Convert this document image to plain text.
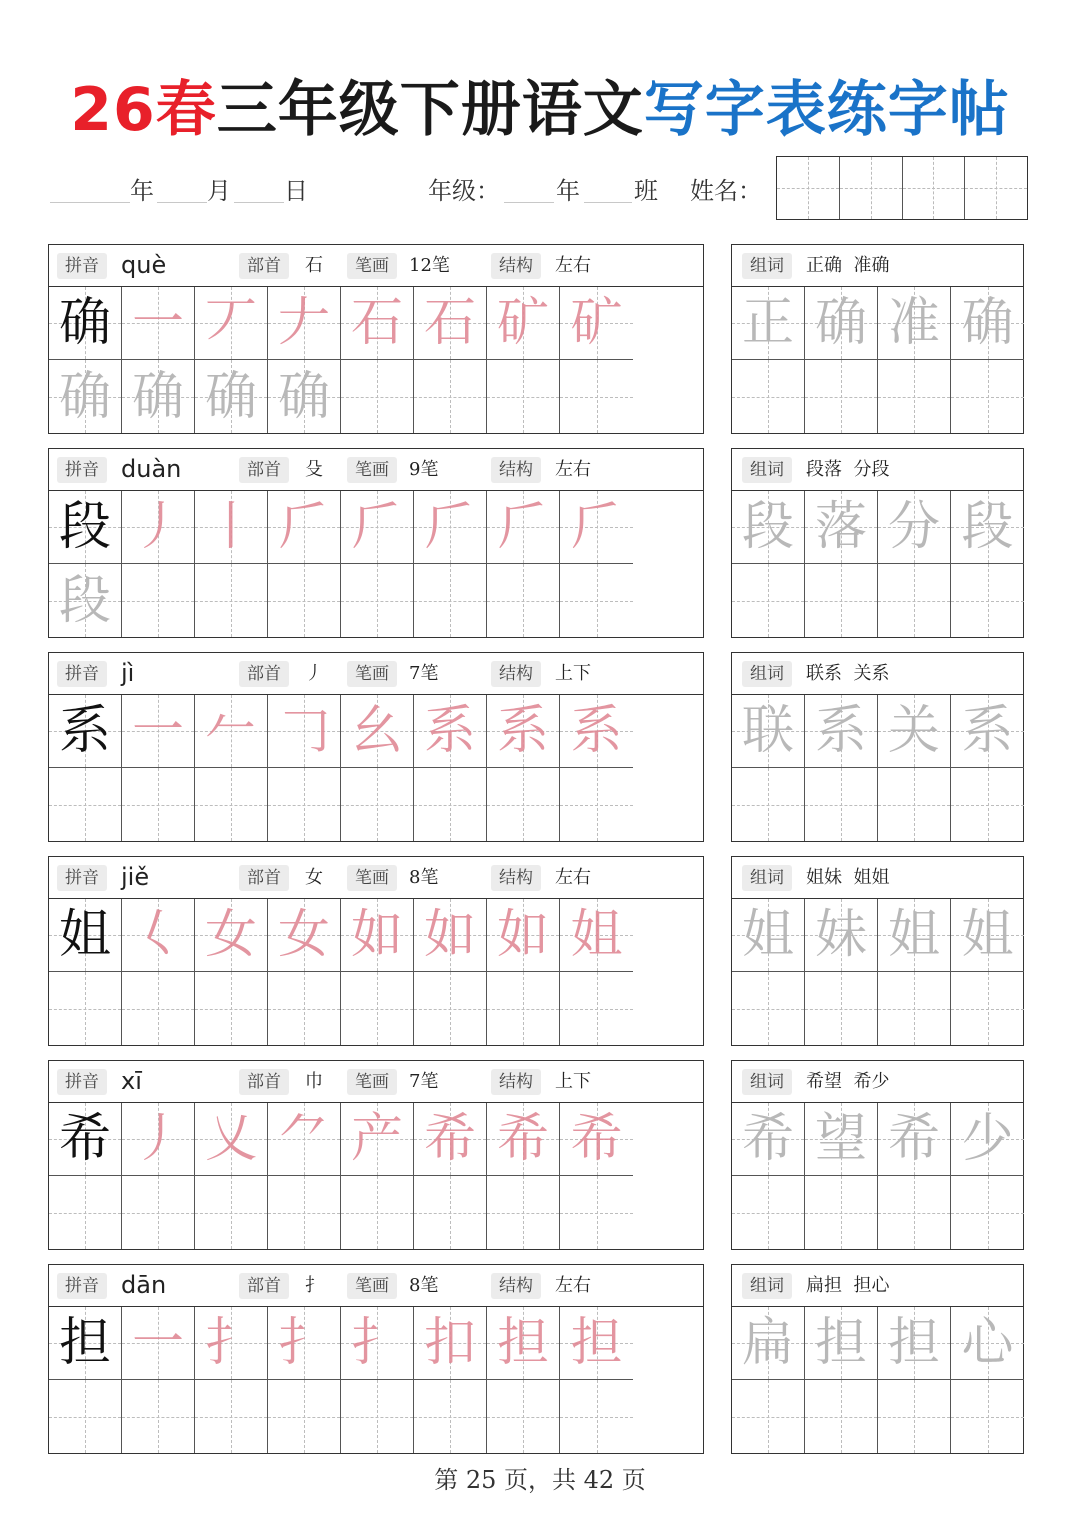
26春三年级下册语文写字表练字帖
年 月 日	年级： 年 班 姓名：
拼音 què	部首	石	笔画	12笔	结构	左右
确 一 丆 𠂇 石 石 矿 矿
确 确 确 确
组词	正确  准确
正 确 准 确
拼音 duàn	部首	殳	笔画	9笔	结构	左右
段 丿 丨 𠂆 𠂆 𠂆 𠂆 𠂆
段
组词	段落  分段
段 落 分 段
拼音 jì	部首	丿	笔画	7笔	结构	上下
系 一 𠂉 𠃌 幺 系 系 系
组词	联系  关系
联 系 关 系
拼音 jiě	部首	女	笔画	8笔	结构	左右
姐 𡿨 女 女 如 如 如 姐
组词	姐妹  姐姐
姐 妹 姐 姐
拼音 xī	部首	巾	笔画	7笔	结构	上下
希 丿 乂 ⺈ 产 希 希 希
组词	希望  希少
希 望 希 少
拼音 dān	部首	扌	笔画	8笔	结构	左右
担 一 扌 扌 扌 扣 担 担
组词	扁担  担心
扁 担 担 心
第 25 页，共 42 页
